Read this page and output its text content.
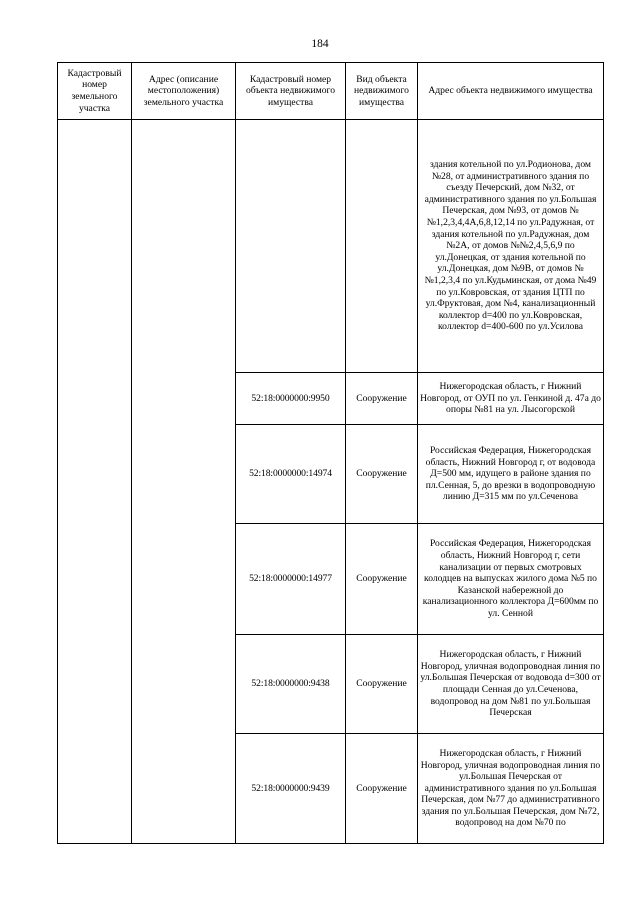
184
Кадастровый номер земельного участка	Адрес (описание местоположения) земельного участка	Кадастровый номер объекта недвижимого имущества	Вид объекта недвижимого имущества	Адрес объекта недвижимого имущества
				здания котельной по ул.Родионова, дом №28, от административного здания по съезду Печерский, дом №32, от административного здания по ул.Большая Печерская, дом №93, от домов №№1,2,3,4,4А,6,8,12,14 по ул.Радужная, от здания котельной по ул.Радужная, дом №2А, от домов №№2,4,5,6,9 по ул.Донецкая, от здания котельной по ул.Донецкая, дом №9В, от домов №№1,2,3,4 по ул.Кудьминская, от дома №49 по ул.Ковровская, от здания ЦТП по ул.Фруктовая, дом №4, канализационный коллектор d=400 по ул.Ковровская, коллектор d=400-600 по ул.Усилова
		52:18:0000000:9950	Сооружение	Нижегородская область, г Нижний Новгород, от ОУП по ул. Генкиной д. 47а до опоры №81 на ул. Лысогорской
		52:18:0000000:14974	Сооружение	Российская Федерация, Нижегородская область, Нижний Новгород г, от водовода Д=500 мм, идущего в районе здания по пл.Сенная, 5, до врезки в водопроводную линию Д=315 мм по ул.Сеченова
		52:18:0000000:14977	Сооружение	Российская Федерация, Нижегородская область, Нижний Новгород г, сети канализации от первых смотровых колодцев на выпусках жилого дома №5 по Казанской набережной до канализационного коллектора Д=600мм по ул. Сенной
		52:18:0000000:9438	Сооружение	Нижегородская область, г Нижний Новгород, уличная водопроводная линия по ул.Большая Печерская от водовода d=300 от площади Сенная до ул.Сеченова, водопровод на дом №81 по ул.Большая Печерская
		52:18:0000000:9439	Сооружение	Нижегородская область, г Нижний Новгород, уличная водопроводная линия по ул.Большая Печерская от административного здания по ул.Большая Печерская, дом №77 до административного здания по ул.Большая Печерская, дом №72, водопровод на дом №70 по
